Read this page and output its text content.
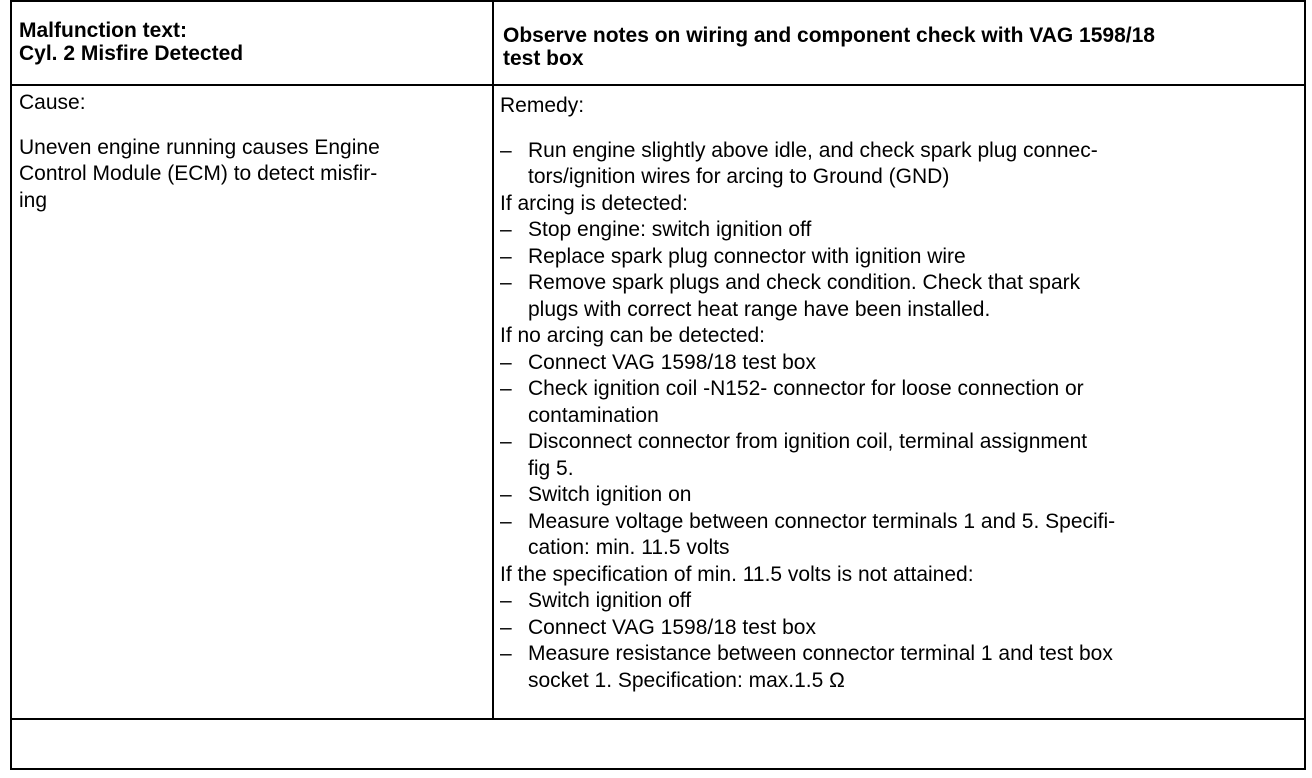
Malfunction text:
Cyl. 2 Misfire Detected
Observe notes on wiring and component check with VAG 1598/18
test box
Cause:
Uneven engine running causes Engine
Control Module (ECM) to detect misfir-
ing
Remedy:
– Run engine slightly above idle, and check spark plug connec-
tors/ignition wires for arcing to Ground (GND)
If arcing is detected:
– Stop engine: switch ignition off
– Replace spark plug connector with ignition wire
– Remove spark plugs and check condition. Check that spark
plugs with correct heat range have been installed.
If no arcing can be detected:
– Connect VAG 1598/18 test box
– Check ignition coil -N152- connector for loose connection or
contamination
– Disconnect connector from ignition coil, terminal assignment
fig 5.
– Switch ignition on
– Measure voltage between connector terminals 1 and 5. Specifi-
cation: min. 11.5 volts
If the specification of min. 11.5 volts is not attained:
– Switch ignition off
– Connect VAG 1598/18 test box
– Measure resistance between connector terminal 1 and test box
socket 1. Specification: max.1.5 Ω
